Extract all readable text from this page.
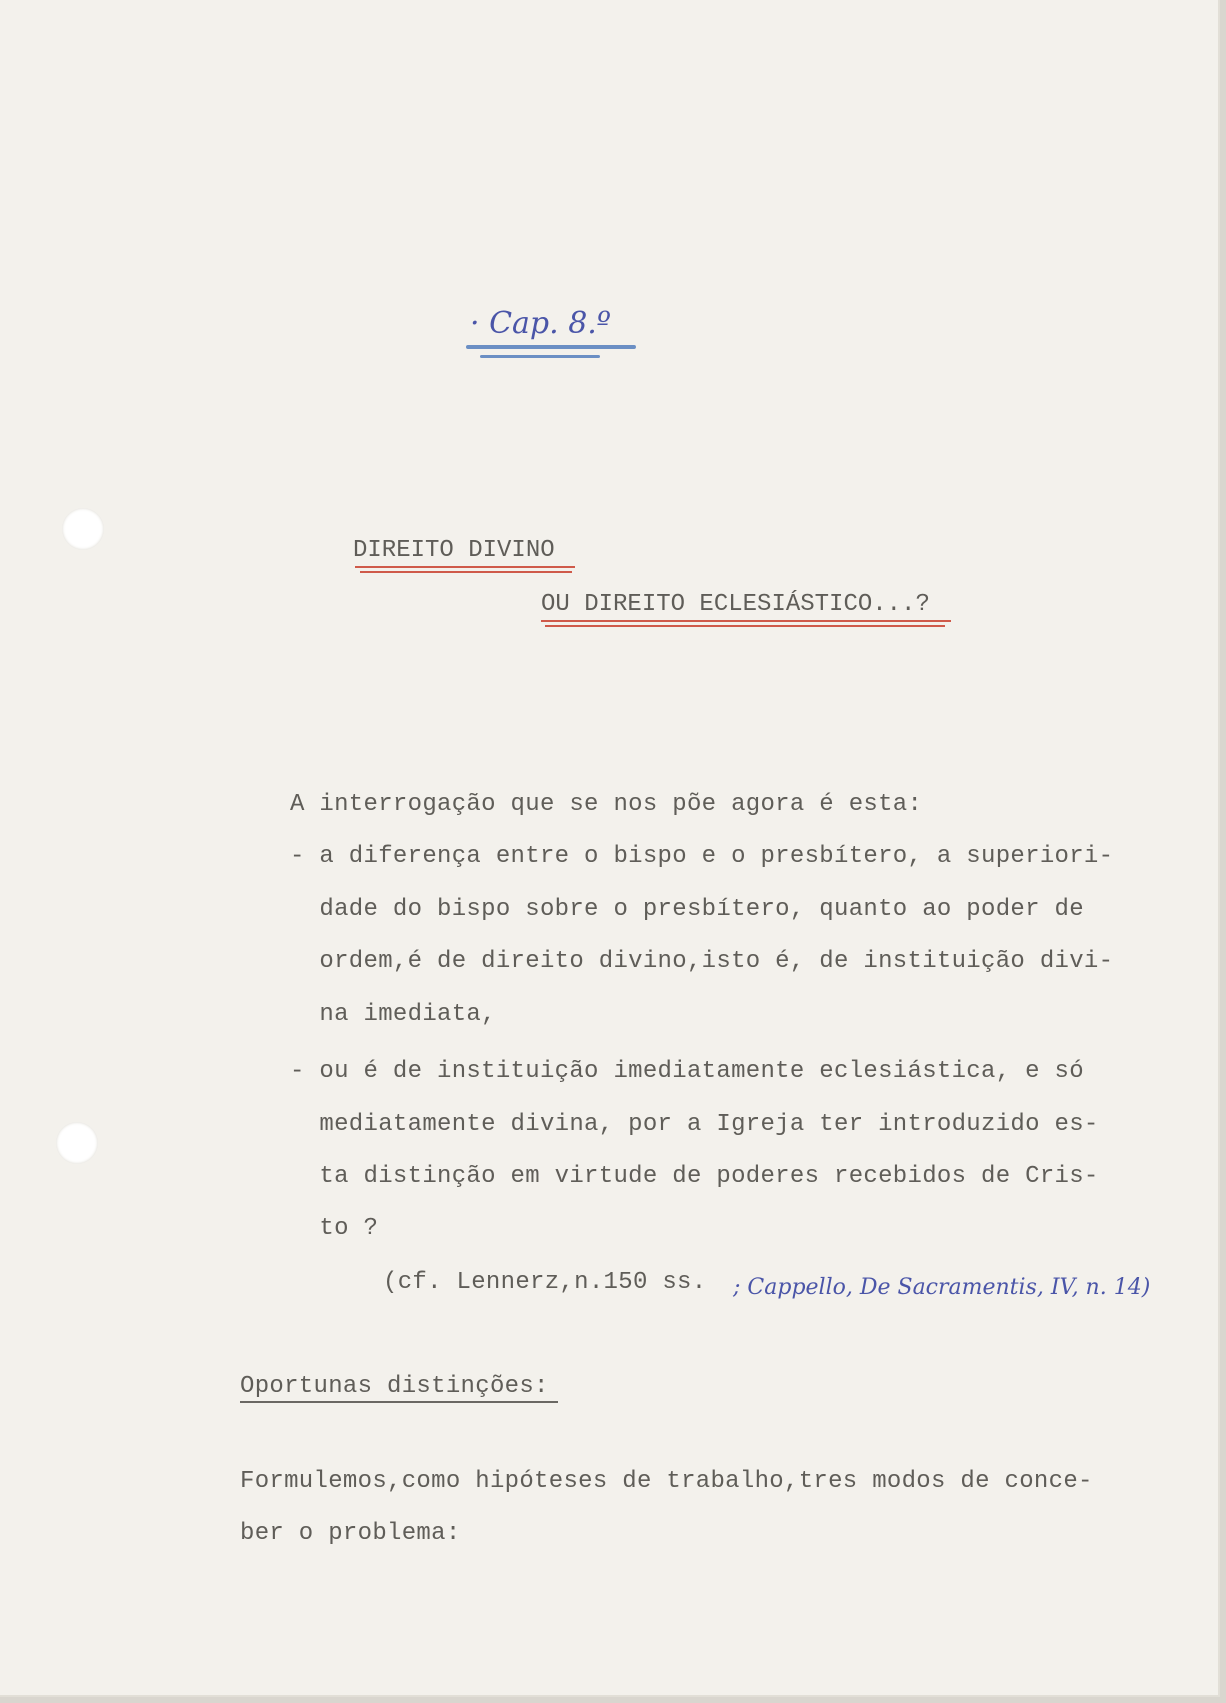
· Cap. 8.º
DIREITO DIVINO
OU DIREITO ECLESIÁSTICO...?
A interrogação que se nos põe agora é esta:
- a diferença entre o bispo e o presbítero, a superiori-
dade do bispo sobre o presbítero, quanto ao poder de
ordem,é de direito divino,isto é, de instituição divi-
na imediata,
- ou é de instituição imediatamente eclesiástica, e só
mediatamente divina, por a Igreja ter introduzido es-
ta distinção em virtude de poderes recebidos de Cris-
to ?
(cf. Lennerz,n.150 ss. ; Cappello, De Sacramentis, IV, n. 14)
Oportunas distinções:
Formulemos,como hipóteses de trabalho,tres modos de conce-
ber o problema:
